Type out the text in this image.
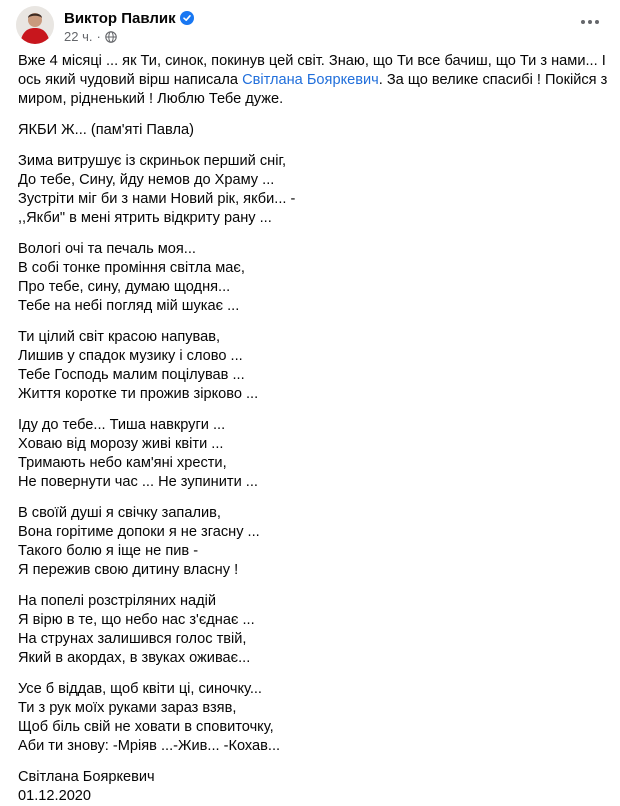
Виктор Павлик
22 ч. ·
Вже 4 місяці ... як Ти, синок, покинув цей світ. Знаю, що Ти все бачиш, що Ти з нами... І ось який чудовий вірш написала Світлана Бояркевич. За що велике спасибі ! Покійся з миром, рідненький ! Люблю Тебе дуже.
ЯКБИ Ж... (пам'яті Павла)
Зима витрушує із скриньок перший сніг,
До тебе, Сину, йду немов до Храму ...
Зустріти міг би з нами Новий рік, якби... -
,,Якби" в мені ятрить відкриту рану ...
Вологі очі та печаль моя...
В собі тонке проміння світла має,
Про тебе, сину, думаю щодня...
Тебе на небі погляд мій шукає ...
Ти цілий світ красою напував,
Лишив у спадок музику і слово ...
Тебе Господь малим поцілував ...
Життя коротке ти прожив зірково ...
Іду до тебе... Тиша навкруги ...
Ховаю від морозу живі квіти ...
Тримають небо кам'яні хрести,
Не повернути час ... Не зупинити ...
В своїй душі я свічку запалив,
Вона горітиме допоки я не згасну ...
Такого болю я іще не пив -
Я пережив свою дитину власну !
На попелі розстріляних надій
Я вірю в те, що небо нас з'єднає ...
На струнах залишився голос твій,
Який в акордах, в звуках оживає...
Усе б віддав, щоб квіти ці, синочку...
Ти з рук моїх руками зараз взяв,
Щоб біль свій не ховати в сповиточку,
Аби ти знову: -Мріяв ...-Жив... -Кохав...
Світлана Бояркевич
01.12.2020
